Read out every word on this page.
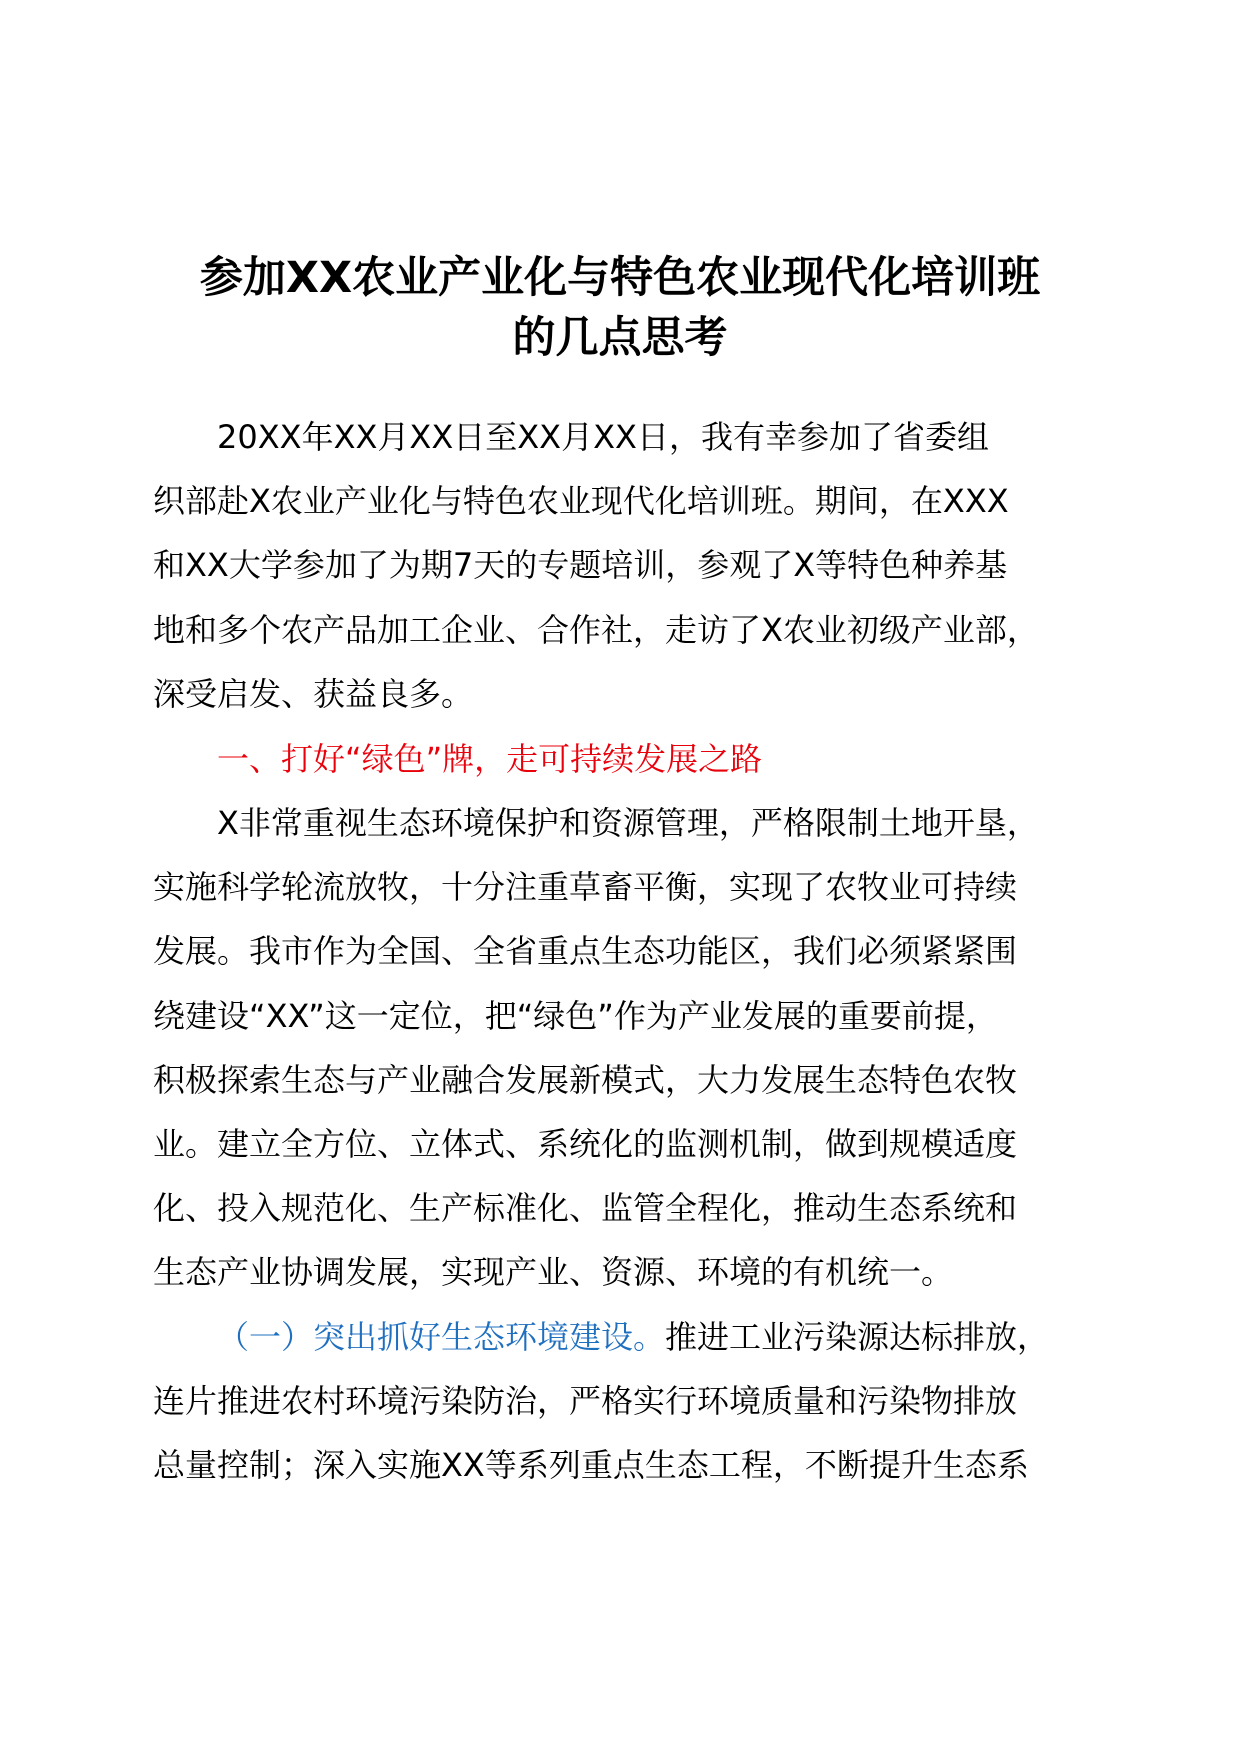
参加XX农业产业化与特色农业现代化培训班
的几点思考
20XX年XX月XX日至XX月XX日，我有幸参加了省委组
织部赴X农业产业化与特色农业现代化培训班。期间，在XXX
和XX大学参加了为期7天的专题培训，参观了X等特色种养基
地和多个农产品加工企业、合作社，走访了X农业初级产业部，
深受启发、获益良多。
一、打好“绿色”牌，走可持续发展之路
X非常重视生态环境保护和资源管理，严格限制土地开垦，
实施科学轮流放牧，十分注重草畜平衡，实现了农牧业可持续
发展。我市作为全国、全省重点生态功能区，我们必须紧紧围
绕建设“XX”这一定位，把“绿色”作为产业发展的重要前提，
积极探索生态与产业融合发展新模式，大力发展生态特色农牧
业。建立全方位、立体式、系统化的监测机制，做到规模适度
化、投入规范化、生产标准化、监管全程化，推动生态系统和
生态产业协调发展，实现产业、资源、环境的有机统一。
（一）突出抓好生态环境建设。推进工业污染源达标排放，
连片推进农村环境污染防治，严格实行环境质量和污染物排放
总量控制；深入实施XX等系列重点生态工程，不断提升生态系
